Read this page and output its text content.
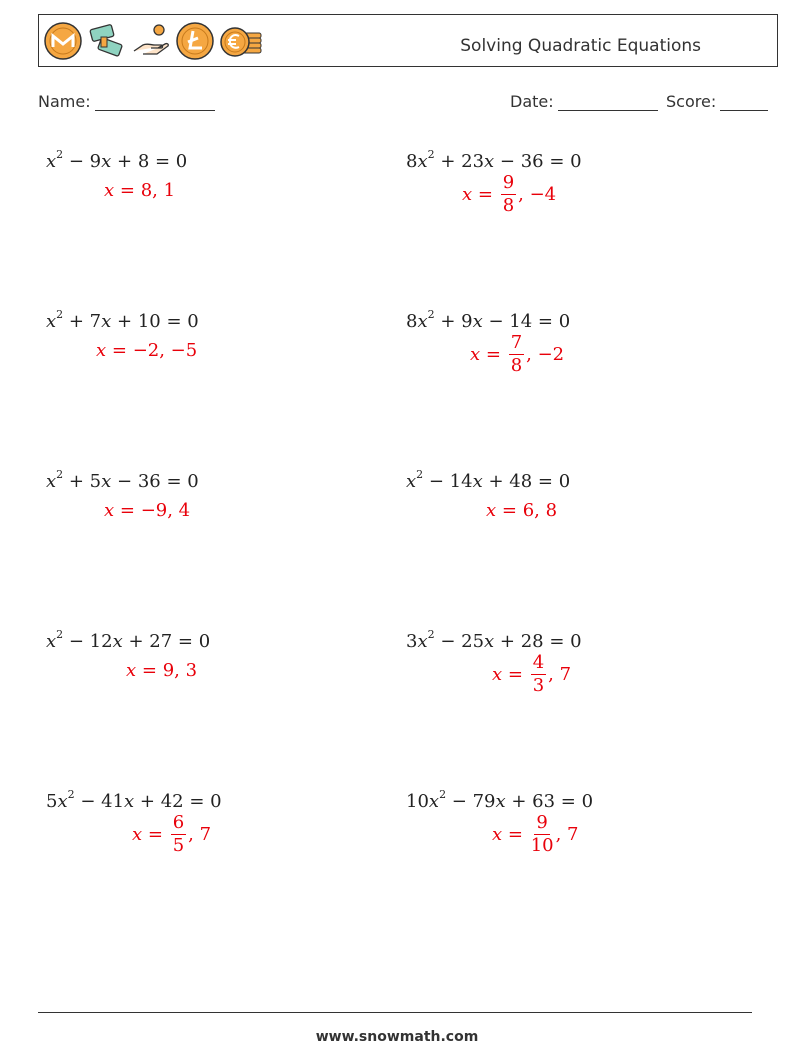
Solving Quadratic Equations
Name:	Date:	Score:
$x^2 - 9x + 8 = 0$
x = 8, 1
$8x^2 + 23x - 36 = 0$
$x = \frac{9}{8}$ , −4
$x^2 + 7x + 10 = 0$
x = −2, −5
$8x^2 + 9x - 14 = 0$
$x = \frac{7}{8}$ , −2
$x^2 + 5x - 36 = 0$
x = −9, 4
$x^2 - 14x + 48 = 0$
x = 6, 8
$x^2 - 12x + 27 = 0$
x = 9, 3
$3x^2 - 25x + 28 = 0$
$x = \frac{4}{3}$ , 7
$5x^2 - 41x + 42 = 0$
$x = \frac{6}{5}$ , 7
$10x^2 - 79x + 63 = 0$
$x = \frac{9}{10}$ , 7
www.snowmath.com
